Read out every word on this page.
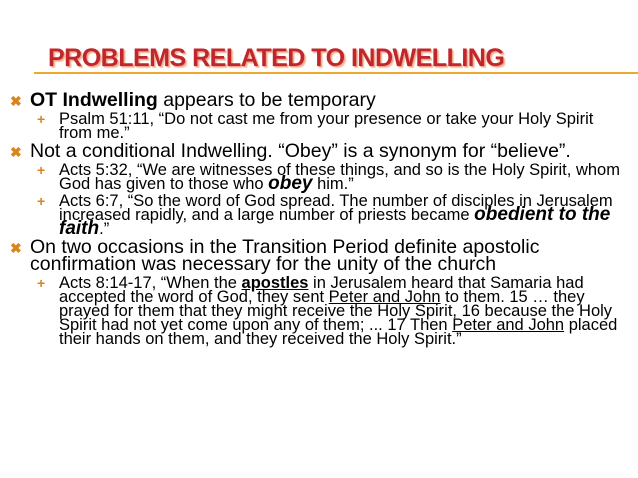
PROBLEMS RELATED TO INDWELLING
✖ OT Indwelling appears to be temporary
+ Psalm 51:11, “Do not cast me from your presence or take your Holy Spirit from me.”
✖ Not a conditional Indwelling. “Obey” is a synonym for “believe”.
+ Acts 5:32, “We are witnesses of these things, and so is the Holy Spirit, whom God has given to those who obey him.”
+ Acts 6:7, “So the word of God spread. The number of disciples in Jerusalem increased rapidly, and a large number of priests became obedient to the faith.”
✖ On two occasions in the Transition Period definite apostolic confirmation was necessary for the unity of the church
+ Acts 8:14-17, “When the apostles in Jerusalem heard that Samaria had accepted the word of God, they sent Peter and John to them. 15 … they prayed for them that they might receive the Holy Spirit, 16 because the Holy Spirit had not yet come upon any of them; ... 17 Then Peter and John placed their hands on them, and they received the Holy Spirit.”
